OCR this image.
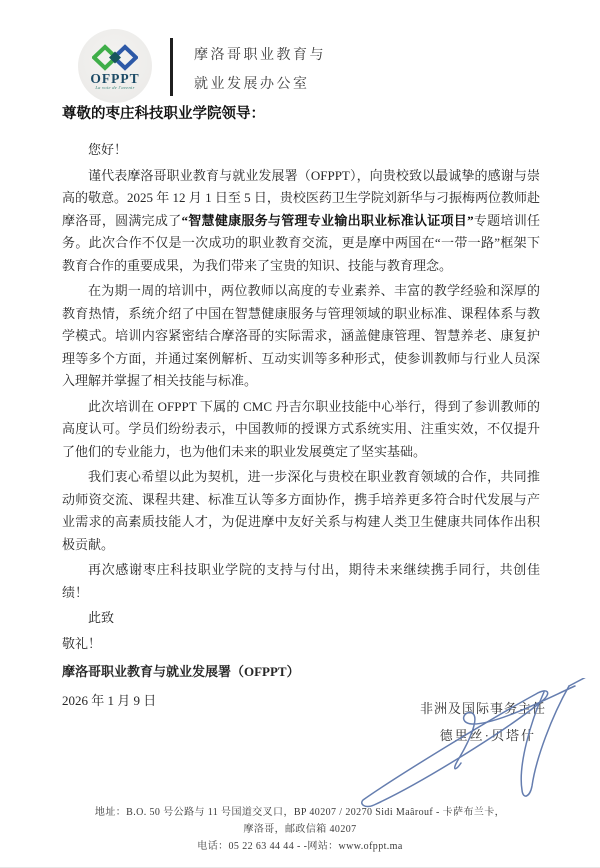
OFPPT
La voie de l'avenir
摩洛哥职业教育与
就业发展办公室
尊敬的枣庄科技职业学院领导：

您好！

谨代表摩洛哥职业教育与就业发展署（OFPPT），向贵校致以最诚挚的感谢与崇高的敬意。2025 年 12 月 1 日至 5 日，贵校医药卫生学院刘新华与刁振梅两位教师赴摩洛哥，圆满完成了“智慧健康服务与管理专业输出职业标准认证项目”专题培训任务。此次合作不仅是一次成功的职业教育交流，更是摩中两国在“一带一路”框架下教育合作的重要成果，为我们带来了宝贵的知识、技能与教育理念。

在为期一周的培训中，两位教师以高度的专业素养、丰富的教学经验和深厚的教育热情，系统介绍了中国在智慧健康服务与管理领域的职业标准、课程体系与教学模式。培训内容紧密结合摩洛哥的实际需求，涵盖健康管理、智慧养老、康复护理等多个方面，并通过案例解析、互动实训等多种形式，使参训教师与行业人员深入理解并掌握了相关技能与标准。

此次培训在 OFPPT 下属的 CMC 丹吉尔职业技能中心举行，得到了参训教师的高度认可。学员们纷纷表示，中国教师的授课方式系统实用、注重实效，不仅提升了他们的专业能力，也为他们未来的职业发展奠定了坚实基础。

我们衷心希望以此为契机，进一步深化与贵校在职业教育领域的合作，共同推动师资交流、课程共建、标准互认等多方面协作，携手培养更多符合时代发展与产业需求的高素质技能人才，为促进摩中友好关系与构建人类卫生健康共同体作出积极贡献。

再次感谢枣庄科技职业学院的支持与付出，期待未来继续携手同行，共创佳绩！

此致

敬礼！

摩洛哥职业教育与就业发展署（OFPPT）

2026 年 1 月 9 日

非洲及国际事务主任
德里丝·贝塔什
地址：B.O. 50 号公路与 11 号国道交叉口，BP 40207 / 20270 Sidi Maârouf - 卡萨布兰卡，
摩洛哥，邮政信箱 40207
电话：05 22 63 44 44 - -网站：www.ofppt.ma
